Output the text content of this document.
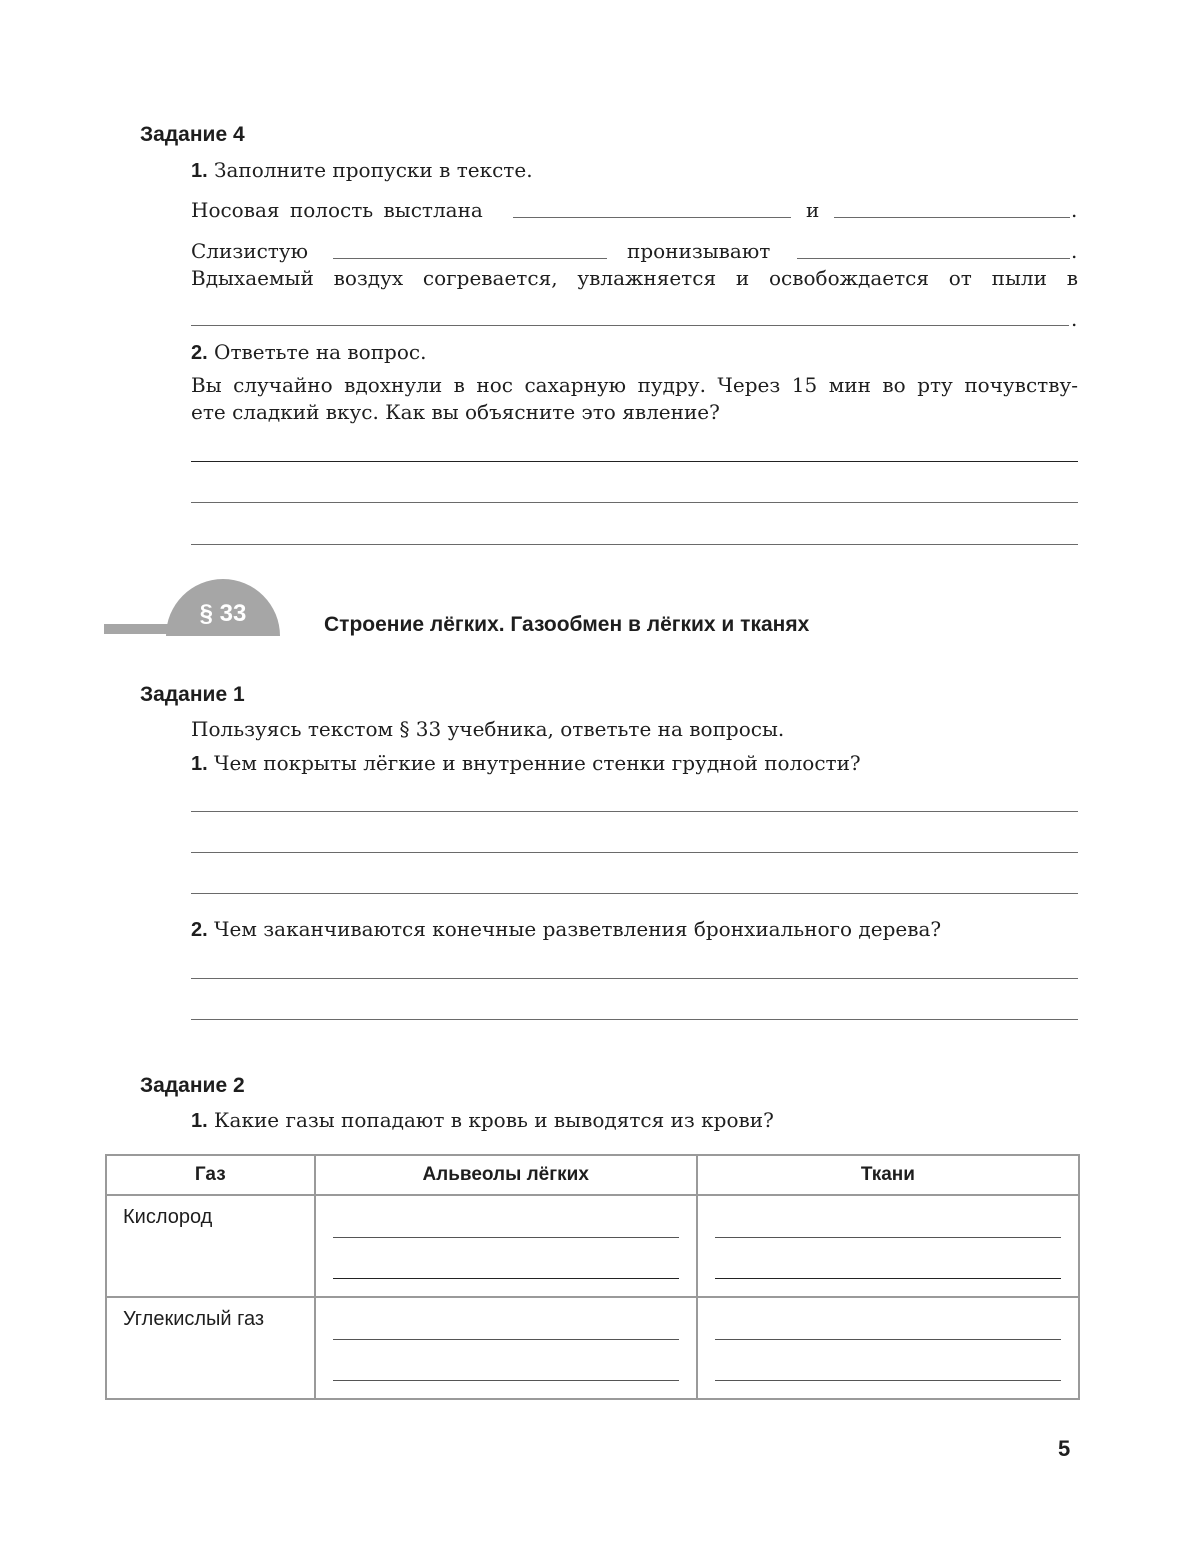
Задание 4
1. Заполните пропуски в тексте.
Носовая полость выстлана	и	.
Слизистую	пронизывают	.
Вдыхаемый воздух согревается, увлажняется и освобождается от пыли в
.
2. Ответьте на вопрос.
Вы случайно вдохнули в нос сахарную пудру. Через 15 мин во рту почувству-
ете сладкий вкус. Как вы объясните это явление?
§ 33	Строение лёгких. Газообмен в лёгких и тканях
Задание 1
Пользуясь текстом § 33 учебника, ответьте на вопросы.
1. Чем покрыты лёгкие и внутренние стенки грудной полости?
2. Чем заканчиваются конечные разветвления бронхиального дерева?
Задание 2
1. Какие газы попадают в кровь и выводятся из крови?
Газ	Альвеолы лёгких	Ткани

Кислород		

Углекислый газ		

5
